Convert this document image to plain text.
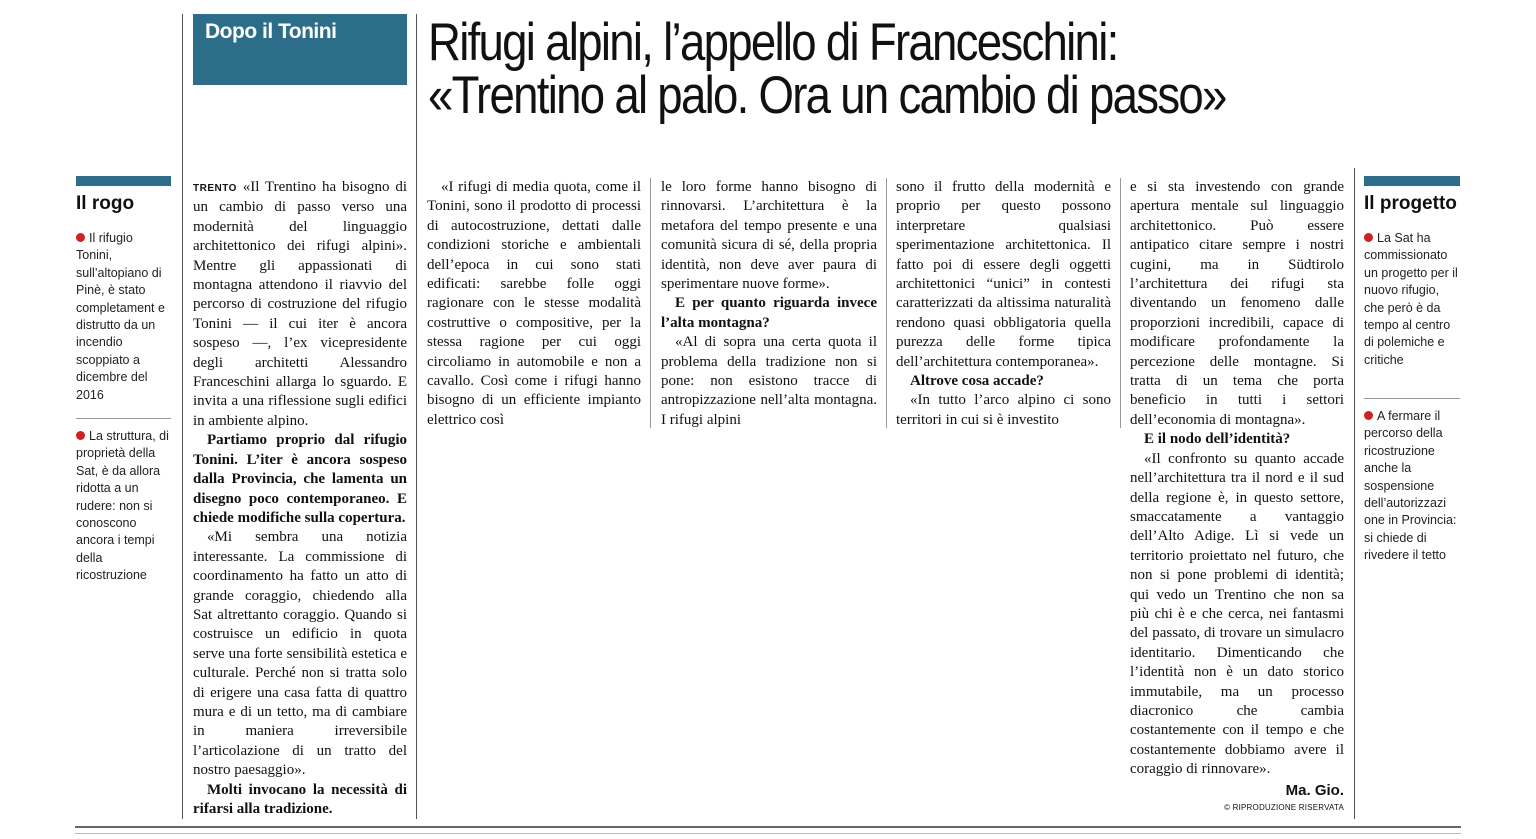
Dopo il Tonini Rifugi alpini, l’appello di Franceschini:
«Trentino al palo. Ora un cambio di passo»
Il rogo
Il rifugio Tonini, sull’altopiano di Pinè, è stato completament e distrutto da un incendio scoppiato a dicembre del 2016
La struttura, di proprietà della Sat, è da allora ridotta a un rudere: non si conoscono ancora i tempi della ricostruzione
Il progetto
La Sat ha commissionato un progetto per il nuovo rifugio, che però è da tempo al centro di polemiche e critiche
A fermare il percorso della ricostruzione anche la sospensione dell’autorizzazi one in Provincia: si chiede di rivedere il tetto

TRENTO «Il Trentino ha bisogno di un cambio di passo verso una modernità del linguaggio architettonico dei rifugi alpini». Mentre gli appassionati di montagna attendono il riavvio del percorso di costruzione del rifugio Tonini — il cui iter è ancora sospeso —, l’ex vicepresidente degli architetti Alessandro Franceschini allarga lo sguardo. E invita a una riflessione sugli edifici in ambiente alpino.

Partiamo proprio dal rifugio Tonini. L’iter è ancora sospeso dalla Provincia, che lamenta un disegno poco contemporaneo. E chiede modifiche sulla copertura.

«Mi sembra una notizia interessante. La commissione di coordinamento ha fatto un atto di grande coraggio, chiedendo alla Sat altrettanto coraggio. Quando si costruisce un edificio in quota serve una forte sensibilità estetica e culturale. Perché non si tratta solo di erigere una casa fatta di quattro mura e di un tetto, ma di cambiare in maniera irreversibile l’articolazione di un tratto del nostro paesaggio».

Molti invocano la necessità di rifarsi alla tradizione.

«I rifugi di media quota, come il Tonini, sono il prodotto di processi di autocostruzione, dettati dalle condizioni storiche e ambientali dell’epoca in cui sono stati edificati: sarebbe folle oggi ragionare con le stesse modalità costruttive o compositive, per la stessa ragione per cui oggi circoliamo in automobile e non a cavallo. Così come i rifugi hanno bisogno di un efficiente impianto elettrico così

le loro forme hanno bisogno di rinnovarsi. L’architettura è la metafora del tempo presente e una comunità sicura di sé, della propria identità, non deve aver paura di sperimentare nuove forme».

E per quanto riguarda invece l’alta montagna?

«Al di sopra una certa quota il problema della tradizione non si pone: non esistono tracce di antropizzazione nell’alta montagna. I rifugi alpini

sono il frutto della modernità e proprio per questo possono interpretare qualsiasi sperimentazione architettonica. Il fatto poi di essere degli oggetti architettonici “unici” in contesti caratterizzati da altissima naturalità rendono quasi obbligatoria quella purezza delle forme tipica dell’architettura contemporanea».

Altrove cosa accade?

«In tutto l’arco alpino ci sono territori in cui si è investito

e si sta investendo con grande apertura mentale sul linguaggio architettonico. Può essere antipatico citare sempre i nostri cugini, ma in Südtirolo l’architettura dei rifugi sta diventando un fenomeno dalle proporzioni incredibili, capace di modificare profondamente la percezione delle montagne. Si tratta di un tema che porta beneficio in tutti i settori dell’economia di montagna».

E il nodo dell’identità?

«Il confronto su quanto accade nell’architettura tra il nord e il sud della regione è, in questo settore, smaccatamente a vantaggio dell’Alto Adige. Lì si vede un territorio proiettato nel futuro, che non si pone problemi di identità; qui vedo un Trentino che non sa più chi è e che cerca, nei fantasmi del passato, di trovare un simulacro identitario. Dimenticando che l’identità non è un dato storico immutabile, ma un processo diacronico che cambia costantemente con il tempo e che costantemente dobbiamo avere il coraggio di rinnovare».

Ma. Gio.
© RIPRODUZIONE RISERVATA
